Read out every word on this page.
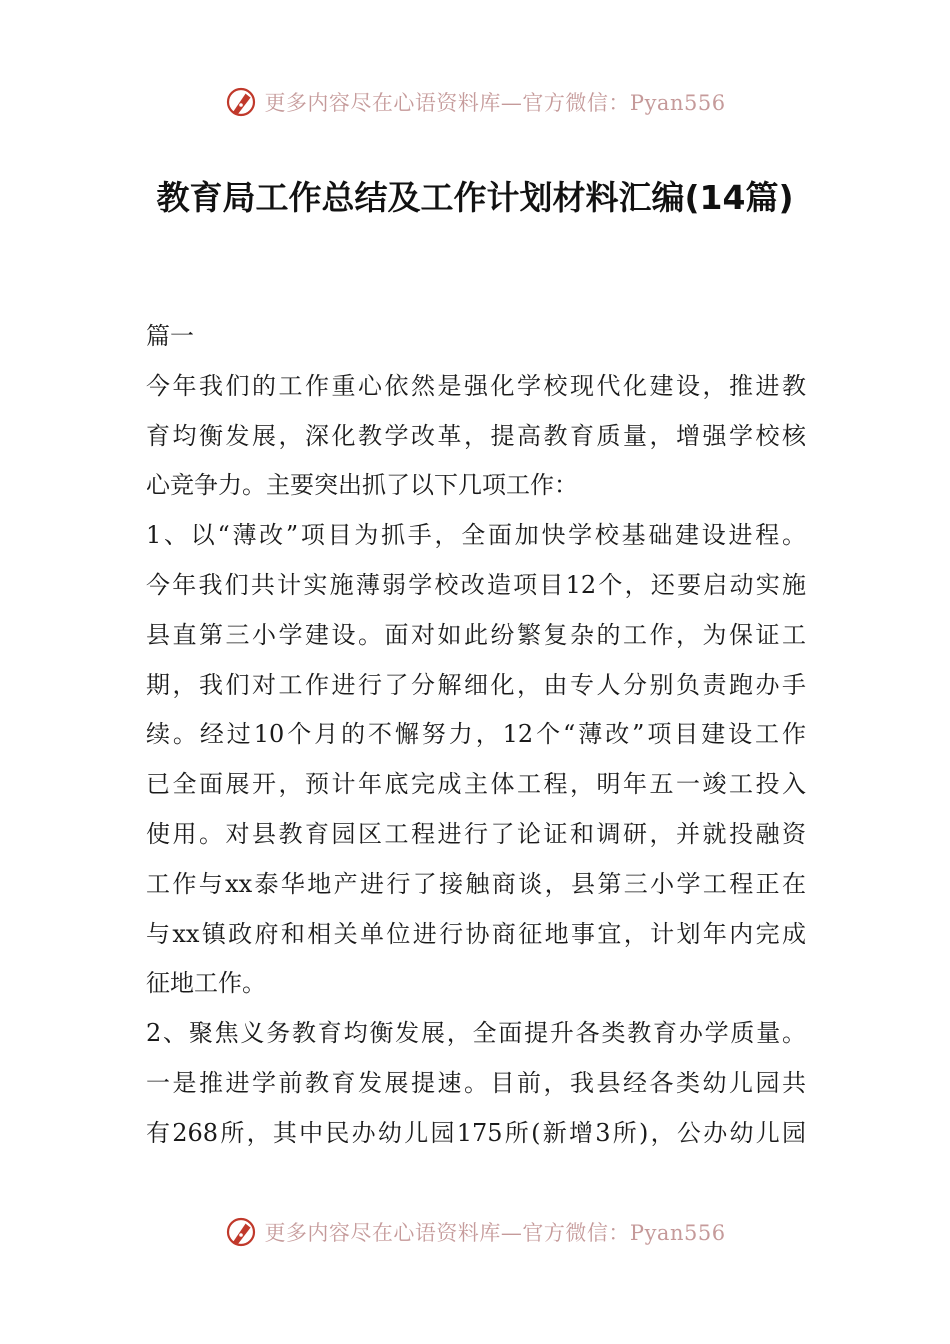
更多内容尽在心语资料库—官方微信：Pyan556
教育局工作总结及工作计划材料汇编(14篇)
篇一
今年我们的工作重心依然是强化学校现代化建设，推进教
育均衡发展，深化教学改革，提高教育质量，增强学校核
心竞争力。主要突出抓了以下几项工作：
1、以“薄改”项目为抓手，全面加快学校基础建设进程。
今年我们共计实施薄弱学校改造项目12个，还要启动实施
县直第三小学建设。面对如此纷繁复杂的工作，为保证工
期，我们对工作进行了分解细化，由专人分别负责跑办手
续。经过10个月的不懈努力，12个“薄改”项目建设工作
已全面展开，预计年底完成主体工程，明年五一竣工投入
使用。对县教育园区工程进行了论证和调研，并就投融资
工作与xx泰华地产进行了接触商谈，县第三小学工程正在
与xx镇政府和相关单位进行协商征地事宜，计划年内完成
征地工作。
2、聚焦义务教育均衡发展，全面提升各类教育办学质量。
一是推进学前教育发展提速。目前，我县经各类幼儿园共
有268所，其中民办幼儿园175所(新增3所)，公办幼儿园
更多内容尽在心语资料库—官方微信：Pyan556
